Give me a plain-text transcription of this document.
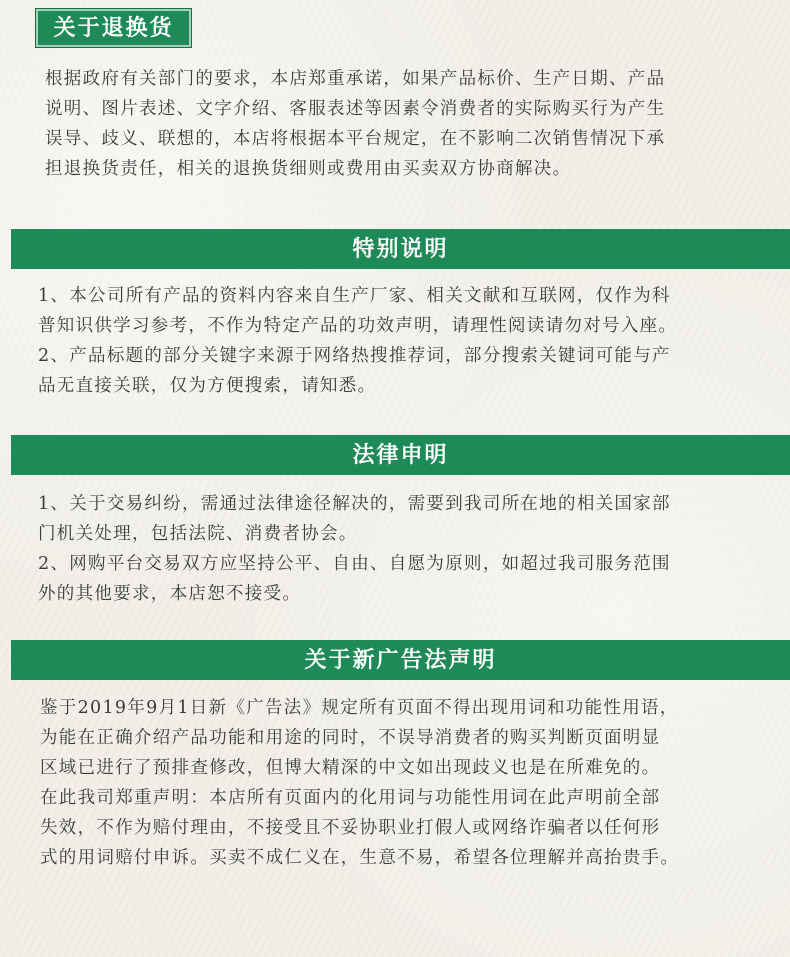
关于退换货
根据政府有关部门的要求，本店郑重承诺，如果产品标价、生产日期、产品
说明、图片表述、文字介绍、客服表述等因素令消费者的实际购买行为产生
误导、歧义、联想的，本店将根据本平台规定，在不影响二次销售情况下承
担退换货责任，相关的退换货细则或费用由买卖双方协商解决。
特别说明
1、本公司所有产品的资料内容来自生产厂家、相关文献和互联网，仅作为科
普知识供学习参考，不作为特定产品的功效声明，请理性阅读请勿对号入座。
2、产品标题的部分关键字来源于网络热搜推荐词，部分搜索关键词可能与产
品无直接关联，仅为方便搜索，请知悉。
法律申明
1、关于交易纠纷，需通过法律途径解决的，需要到我司所在地的相关国家部
门机关处理，包括法院、消费者协会。
2、网购平台交易双方应坚持公平、自由、自愿为原则，如超过我司服务范围
外的其他要求，本店恕不接受。
关于新广告法声明
鉴于2019年9月1日新《广告法》规定所有页面不得出现用词和功能性用语，
为能在正确介绍产品功能和用途的同时，不误导消费者的购买判断页面明显
区域已进行了预排查修改，但博大精深的中文如出现歧义也是在所难免的。
在此我司郑重声明：本店所有页面内的化用词与功能性用词在此声明前全部
失效，不作为赔付理由，不接受且不妥协职业打假人或网络诈骗者以任何形
式的用词赔付申诉。买卖不成仁义在，生意不易，希望各位理解并高抬贵手。
